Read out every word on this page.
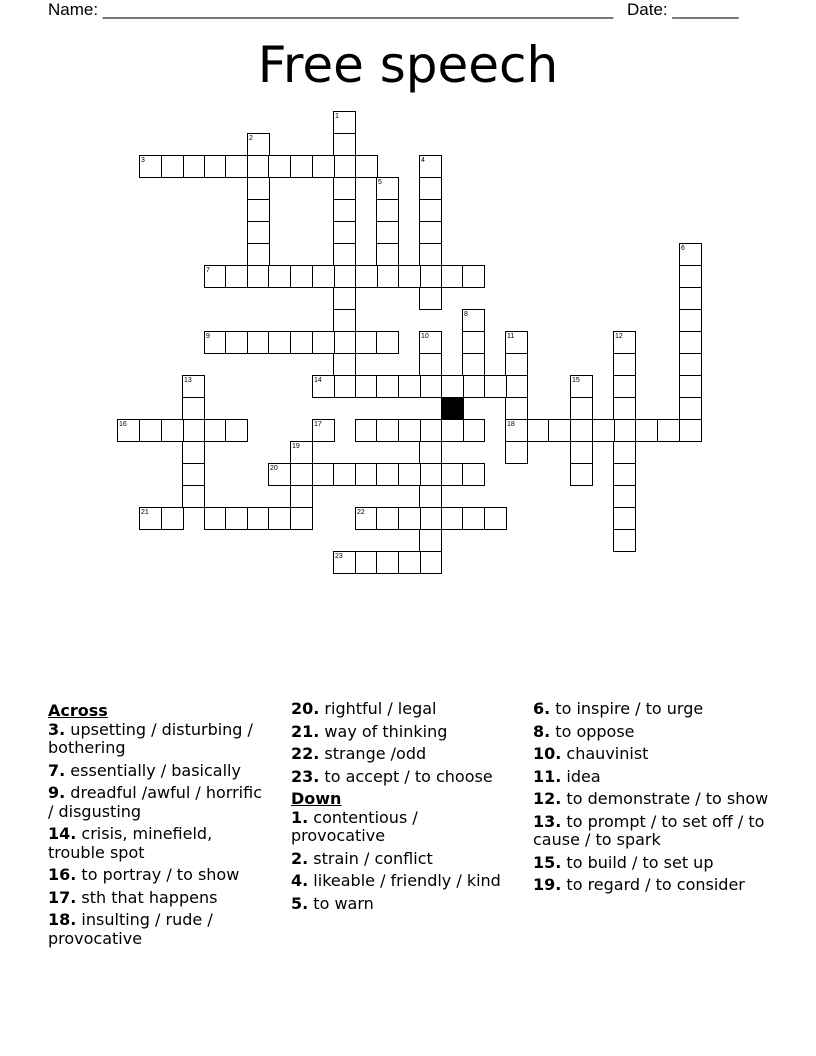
Name: ______________________________________________________ Date: _______
Free speech
1
2
3	4
5
6
7
8
9	10	11	12
13	14	15
16	17	18
19
20
21	22
23
Across
3. upsetting / disturbing / bothering
7. essentially / basically
9. dreadful /awful / horrific / disgusting
14. crisis, minefield, trouble spot
16. to portray / to show
17. sth that happens
18. insulting / rude / provocative
20. rightful / legal
21. way of thinking
22. strange /odd
23. to accept / to choose
Down
1. contentious / provocative
2. strain / conflict
4. likeable / friendly / kind
5. to warn
6. to inspire / to urge
8. to oppose
10. chauvinist
11. idea
12. to demonstrate / to show
13. to prompt / to set off / to cause / to spark
15. to build / to set up
19. to regard / to consider
